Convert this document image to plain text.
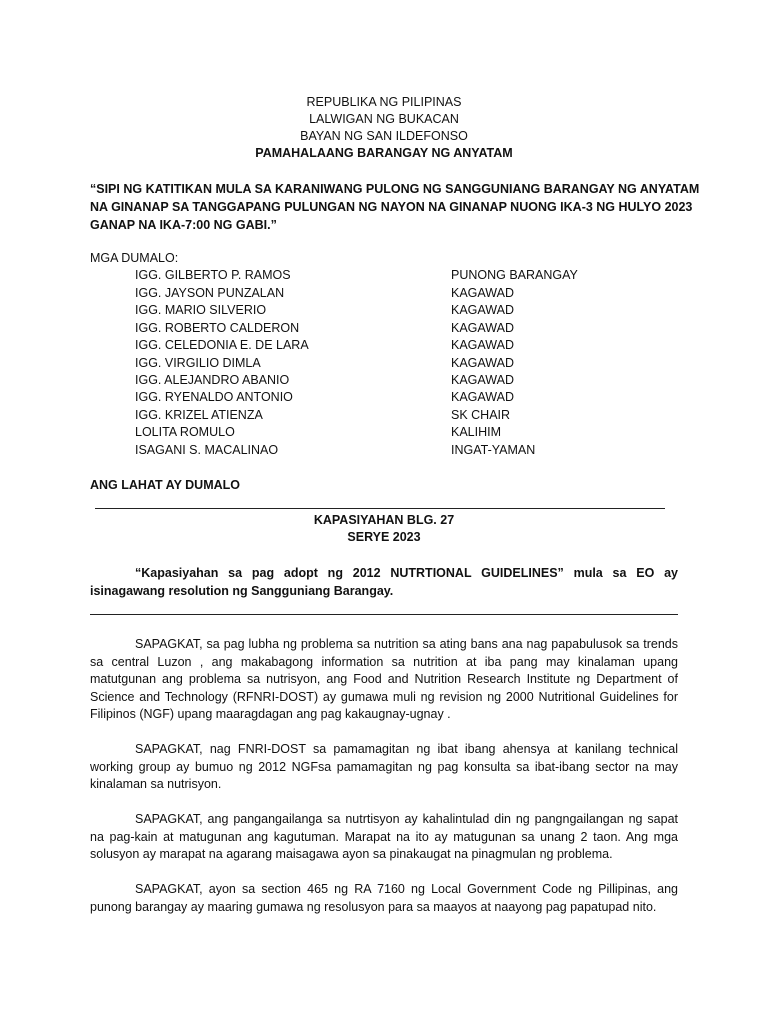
REPUBLIKA NG PILIPINAS
LALWIGAN NG BUKACAN
BAYAN NG SAN ILDEFONSO
PAMAHALAANG BARANGAY NG ANYATAM
“SIPI NG KATITIKAN MULA SA KARANIWANG PULONG NG SANGGUNIANG BARANGAY NG ANYATAM
NA GINANAP SA TANGGAPANG PULUNGAN NG NAYON NA GINANAP NUONG IKA-3 NG HULYO 2023
GANAP NA IKA-7:00 NG GABI.”
MGA DUMALO:
IGG. GILBERTO P. RAMOS	PUNONG BARANGAY
IGG. JAYSON PUNZALAN	KAGAWAD
IGG. MARIO SILVERIO	KAGAWAD
IGG. ROBERTO CALDERON	KAGAWAD
IGG. CELEDONIA E. DE LARA	KAGAWAD
IGG. VIRGILIO DIMLA	KAGAWAD
IGG. ALEJANDRO ABANIO	KAGAWAD
IGG. RYENALDO ANTONIO	KAGAWAD
IGG. KRIZEL ATIENZA	SK CHAIR
LOLITA ROMULO	KALIHIM
ISAGANI S. MACALINAO	INGAT-YAMAN
ANG LAHAT AY DUMALO
KAPASIYAHAN BLG. 27
SERYE 2023
“Kapasiyahan sa pag adopt ng 2012 NUTRTIONAL GUIDELINES” mula sa EO ay isinagawang resolution ng Sangguniang Barangay.
SAPAGKAT, sa pag lubha ng problema sa nutrition sa ating bans ana nag papabulusok sa trends sa central Luzon , ang makabagong information sa nutrition at iba pang may kinalaman upang matutgunan ang problema sa nutrisyon, ang Food and Nutrition Research Institute ng Department of Science and Technology (RFNRI-DOST) ay gumawa muli ng revision ng 2000 Nutritional Guidelines for Filipinos (NGF) upang maaragdagan ang pag kakaugnay-ugnay .
SAPAGKAT, nag FNRI-DOST sa pamamagitan ng ibat ibang ahensya at kanilang technical working group ay bumuo ng 2012 NGFsa pamamagitan ng pag konsulta sa ibat-ibang sector na may kinalaman sa nutrisyon.
SAPAGKAT, ang pangangailanga sa nutrtisyon ay kahalintulad din ng pangngailangan ng sapat na pag-kain at matugunan ang kagutuman. Marapat na ito ay matugunan sa unang 2 taon. Ang mga solusyon ay marapat na agarang maisagawa ayon sa pinakaugat na pinagmulan ng problema.
SAPAGKAT, ayon sa section 465 ng RA 7160 ng Local Government Code ng Pillipinas, ang punong barangay ay maaring gumawa ng resolusyon para sa maayos at naayong pag papatupad nito.
